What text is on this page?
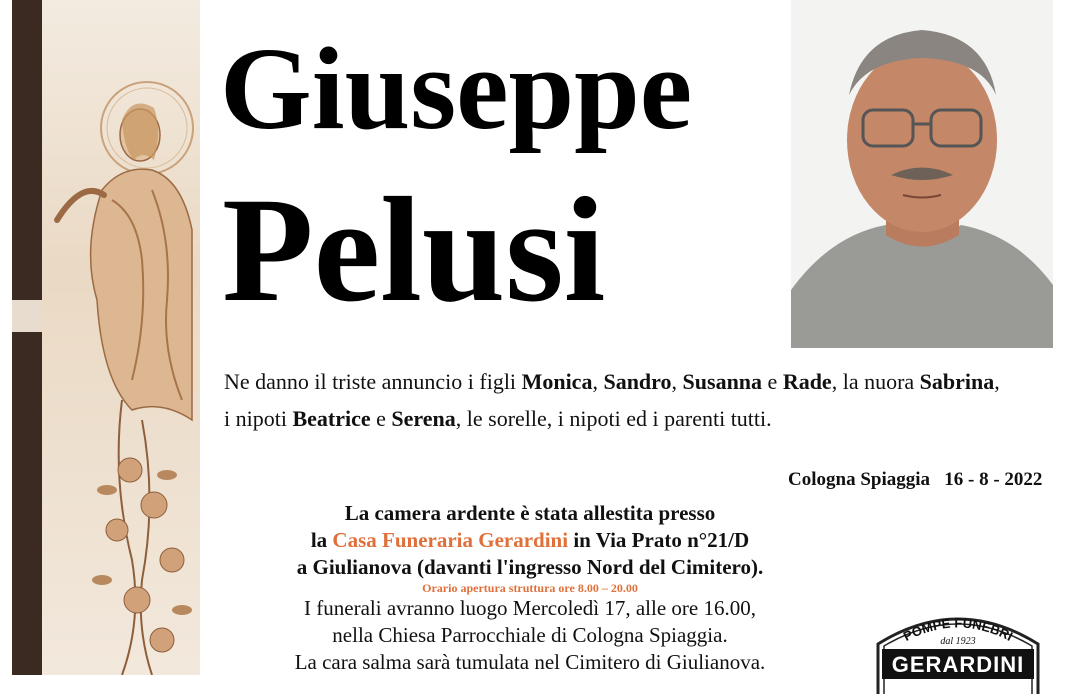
Giuseppe
Pelusi
Ne danno il triste annuncio i figli Monica, Sandro, Susanna e Rade, la nuora Sabrina,
i nipoti Beatrice e Serena, le sorelle, i nipoti ed i parenti tutti.
Cologna Spiaggia 16 - 8 - 2022
La camera ardente è stata allestita presso
la Casa Funeraria Gerardini in Via Prato n°21/D
a Giulianova (davanti l'ingresso Nord del Cimitero).
Orario apertura struttura ore 8.00 – 20.00
I funerali avranno luogo Mercoledì 17, alle ore 16.00,
nella Chiesa Parrocchiale di Cologna Spiaggia.
La cara salma sarà tumulata nel Cimitero di Giulianova.
POMPE FUNEBRI
dal 1923
GERARDINI
